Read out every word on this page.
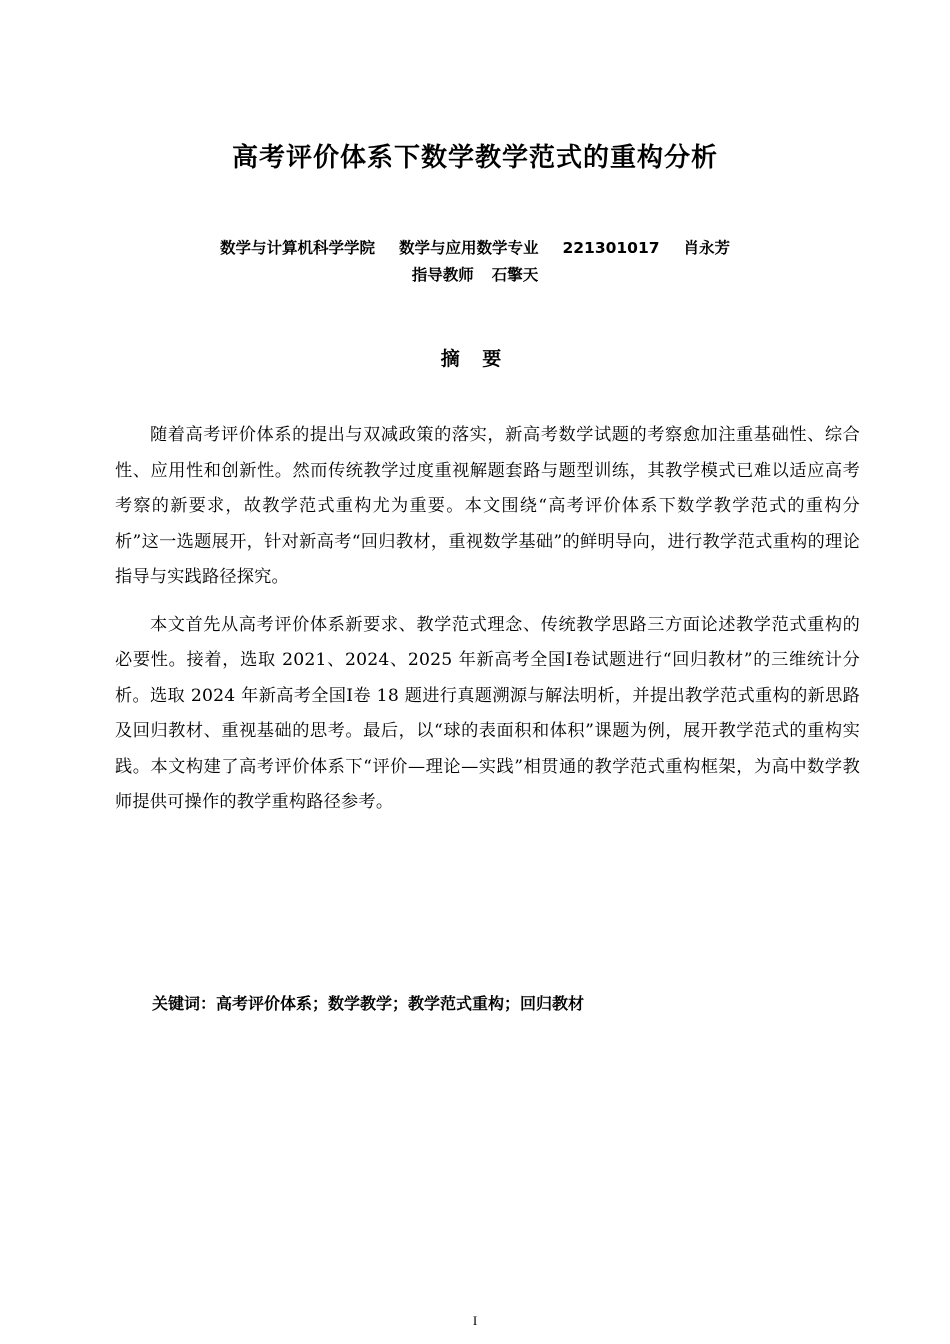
高考评价体系下数学教学范式的重构分析
数学与计算机科学学院 数学与应用数学专业 221301017 肖永芳
指导教师 石擎天
摘 要

随着高考评价体系的提出与双减政策的落实，新高考数学试题的考察愈加注重基础性、综合性、应用性和创新性。然而传统教学过度重视解题套路与题型训练，其教学模式已难以适应高考考察的新要求，故教学范式重构尤为重要。本文围绕“高考评价体系下数学教学范式的重构分析”这一选题展开，针对新高考“回归教材，重视数学基础”的鲜明导向，进行教学范式重构的理论指导与实践路径探究。

本文首先从高考评价体系新要求、教学范式理念、传统教学思路三方面论述教学范式重构的必要性。接着，选取 2021、2024、2025 年新高考全国Ⅰ卷试题进行“回归教材”的三维统计分析。选取 2024 年新高考全国Ⅰ卷 18 题进行真题溯源与解法明析，并提出教学范式重构的新思路及回归教材、重视基础的思考。最后，以“球的表面积和体积”课题为例，展开教学范式的重构实践。本文构建了高考评价体系下“评价—理论—实践”相贯通的教学范式重构框架，为高中数学教师提供可操作的教学重构路径参考。

关键词：高考评价体系；数学教学；教学范式重构；回归教材
I
